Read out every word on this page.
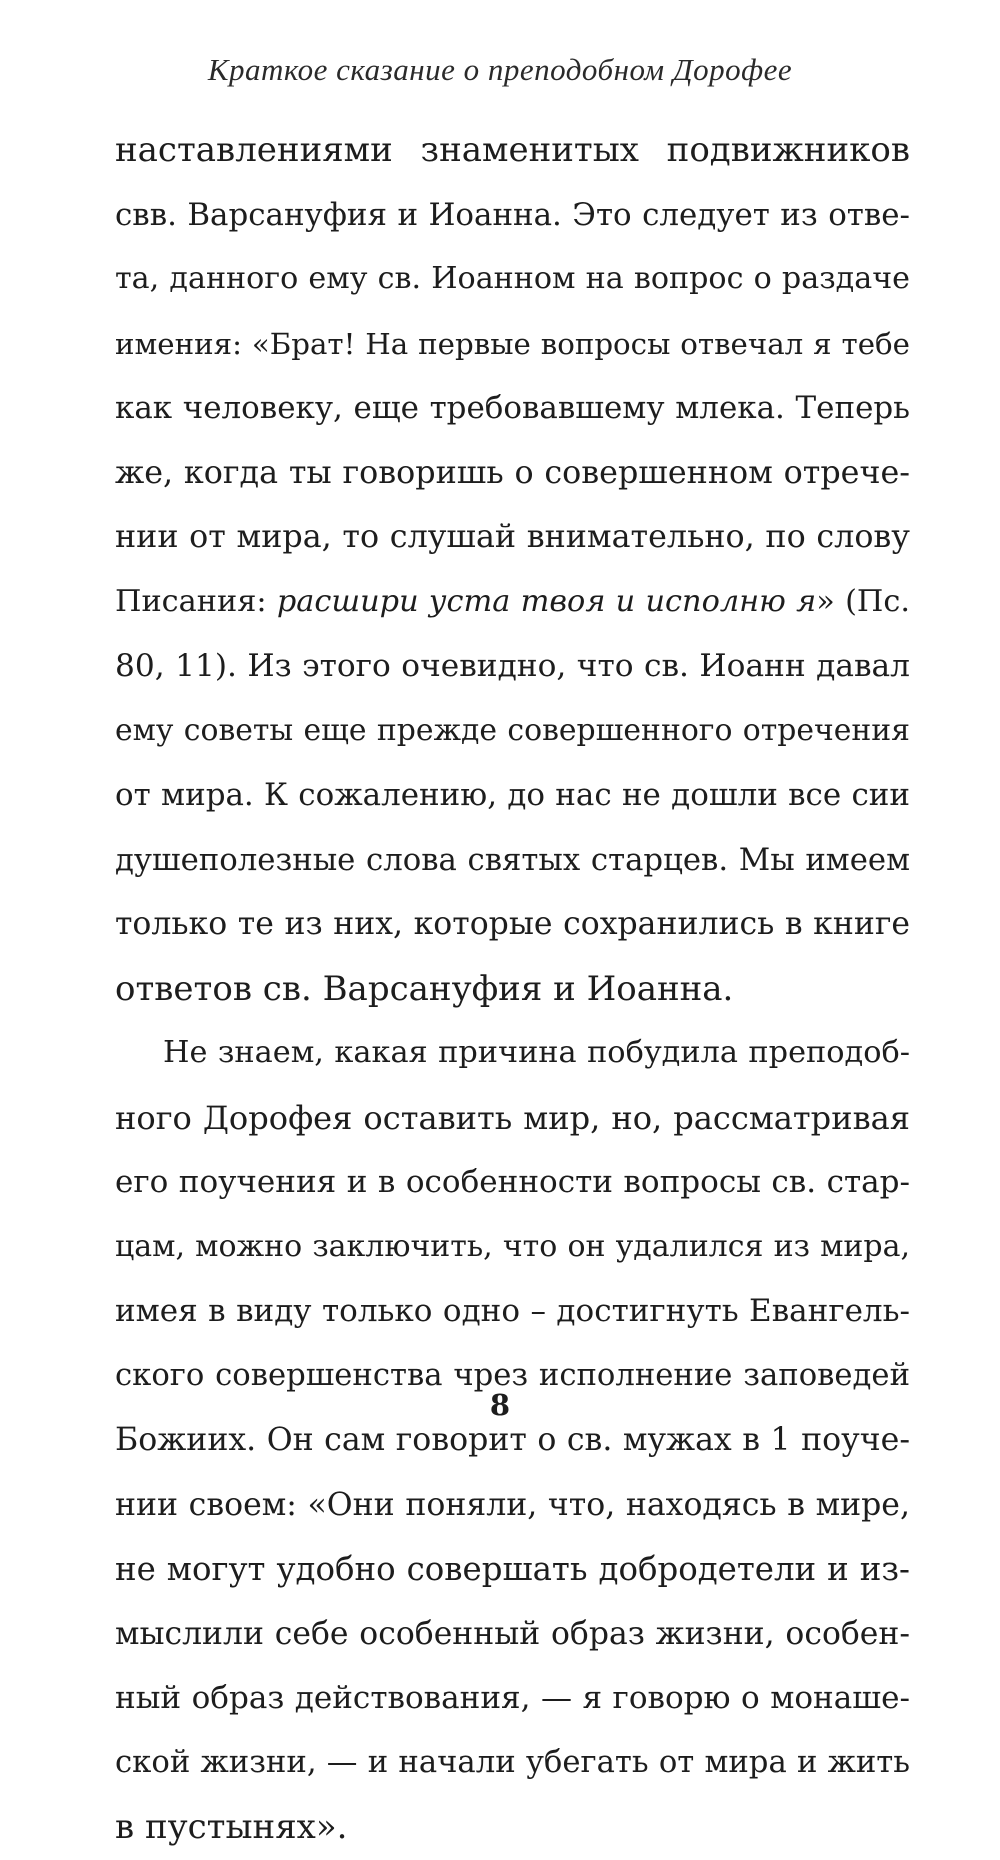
Краткое сказание о преподобном Дорофее
наставлениями знаменитых подвижников
свв. Варсануфия и Иоанна. Это следует из отве-
та, данного ему св. Иоанном на вопрос о раздаче
имения: «Брат! На первые вопросы отвечал я тебе
как человеку, еще требовавшему млека. Теперь
же, когда ты говоришь о совершенном отрече-
нии от мира, то слушай внимательно, по слову
Писания: расшири уста твоя и исполню я» (Пс.
80, 11). Из этого очевидно, что св. Иоанн давал
ему советы еще прежде совершенного отречения
от мира. К сожалению, до нас не дошли все сии
душеполезные слова святых старцев. Мы имеем
только те из них, которые сохранились в книге
ответов св. Варсануфия и Иоанна.
Не знаем, какая причина побудила преподоб-
ного Дорофея оставить мир, но, рассматривая
его поучения и в особенности вопросы св. стар-
цам, можно заключить, что он удалился из мира,
имея в виду только одно – достигнуть Евангель-
ского совершенства чрез исполнение заповедей
Божиих. Он сам говорит о св. мужах в 1 поуче-
нии своем: «Они поняли, что, находясь в мире,
не могут удобно совершать добродетели и из-
мыслили себе особенный образ жизни, особен-
ный образ действования, — я говорю о монаше-
ской жизни, — и начали убегать от мира и жить
в пустынях».
8
